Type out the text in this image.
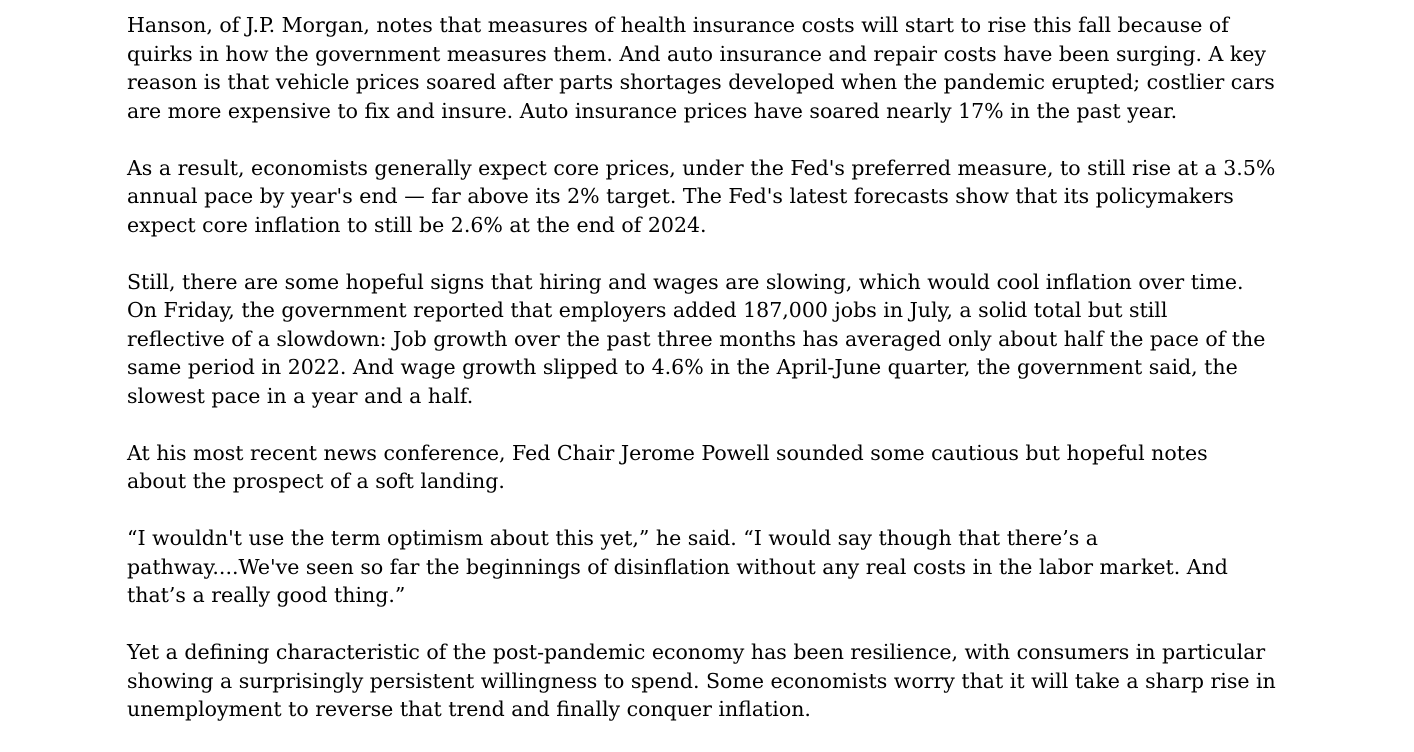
Hanson, of J.P. Morgan, notes that measures of health insurance costs will start to rise this fall because of
quirks in how the government measures them. And auto insurance and repair costs have been surging. A key
reason is that vehicle prices soared after parts shortages developed when the pandemic erupted; costlier cars
are more expensive to fix and insure. Auto insurance prices have soared nearly 17% in the past year.

As a result, economists generally expect core prices, under the Fed's preferred measure, to still rise at a 3.5%
annual pace by year's end — far above its 2% target. The Fed's latest forecasts show that its policymakers
expect core inflation to still be 2.6% at the end of 2024.

Still, there are some hopeful signs that hiring and wages are slowing, which would cool inflation over time.
On Friday, the government reported that employers added 187,000 jobs in July, a solid total but still
reflective of a slowdown: Job growth over the past three months has averaged only about half the pace of the
same period in 2022. And wage growth slipped to 4.6% in the April-June quarter, the government said, the
slowest pace in a year and a half.

At his most recent news conference, Fed Chair Jerome Powell sounded some cautious but hopeful notes
about the prospect of a soft landing.

“I wouldn't use the term optimism about this yet,” he said. “I would say though that there’s a
pathway....We've seen so far the beginnings of disinflation without any real costs in the labor market. And
that’s a really good thing.”

Yet a defining characteristic of the post-pandemic economy has been resilience, with consumers in particular
showing a surprisingly persistent willingness to spend. Some economists worry that it will take a sharp rise in
unemployment to reverse that trend and finally conquer inflation.
